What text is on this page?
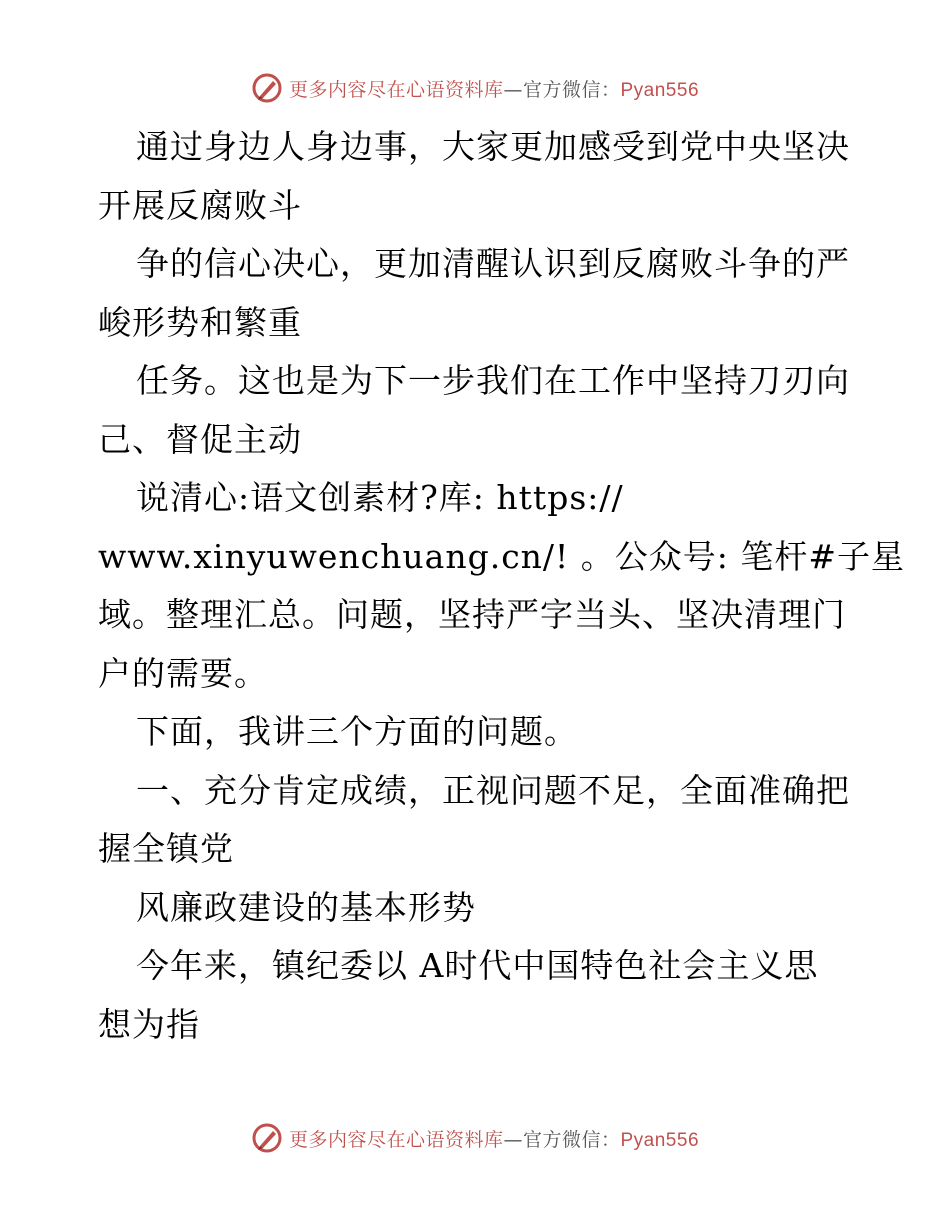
更多内容尽在心语资料库—官方微信：Pyan556
通过身边人身边事，大家更加感受到党中央坚决
开展反腐败斗
争的信心决心，更加清醒认识到反腐败斗争的严
峻形势和繁重
任务。这也是为下一步我们在工作中坚持刀刃向
己、督促主动
说清心:语文创素材?库: https://
www.xinyuwenchuang.cn/! 。公众号: 笔杆#子星
域。整理汇总。问题，坚持严字当头、坚决清理门
户的需要。
下面，我讲三个方面的问题。
一、充分肯定成绩，正视问题不足，全面准确把
握全镇党
风廉政建设的基本形势
今年来，镇纪委以 A时代中国特色社会主义思
想为指
更多内容尽在心语资料库—官方微信：Pyan556
